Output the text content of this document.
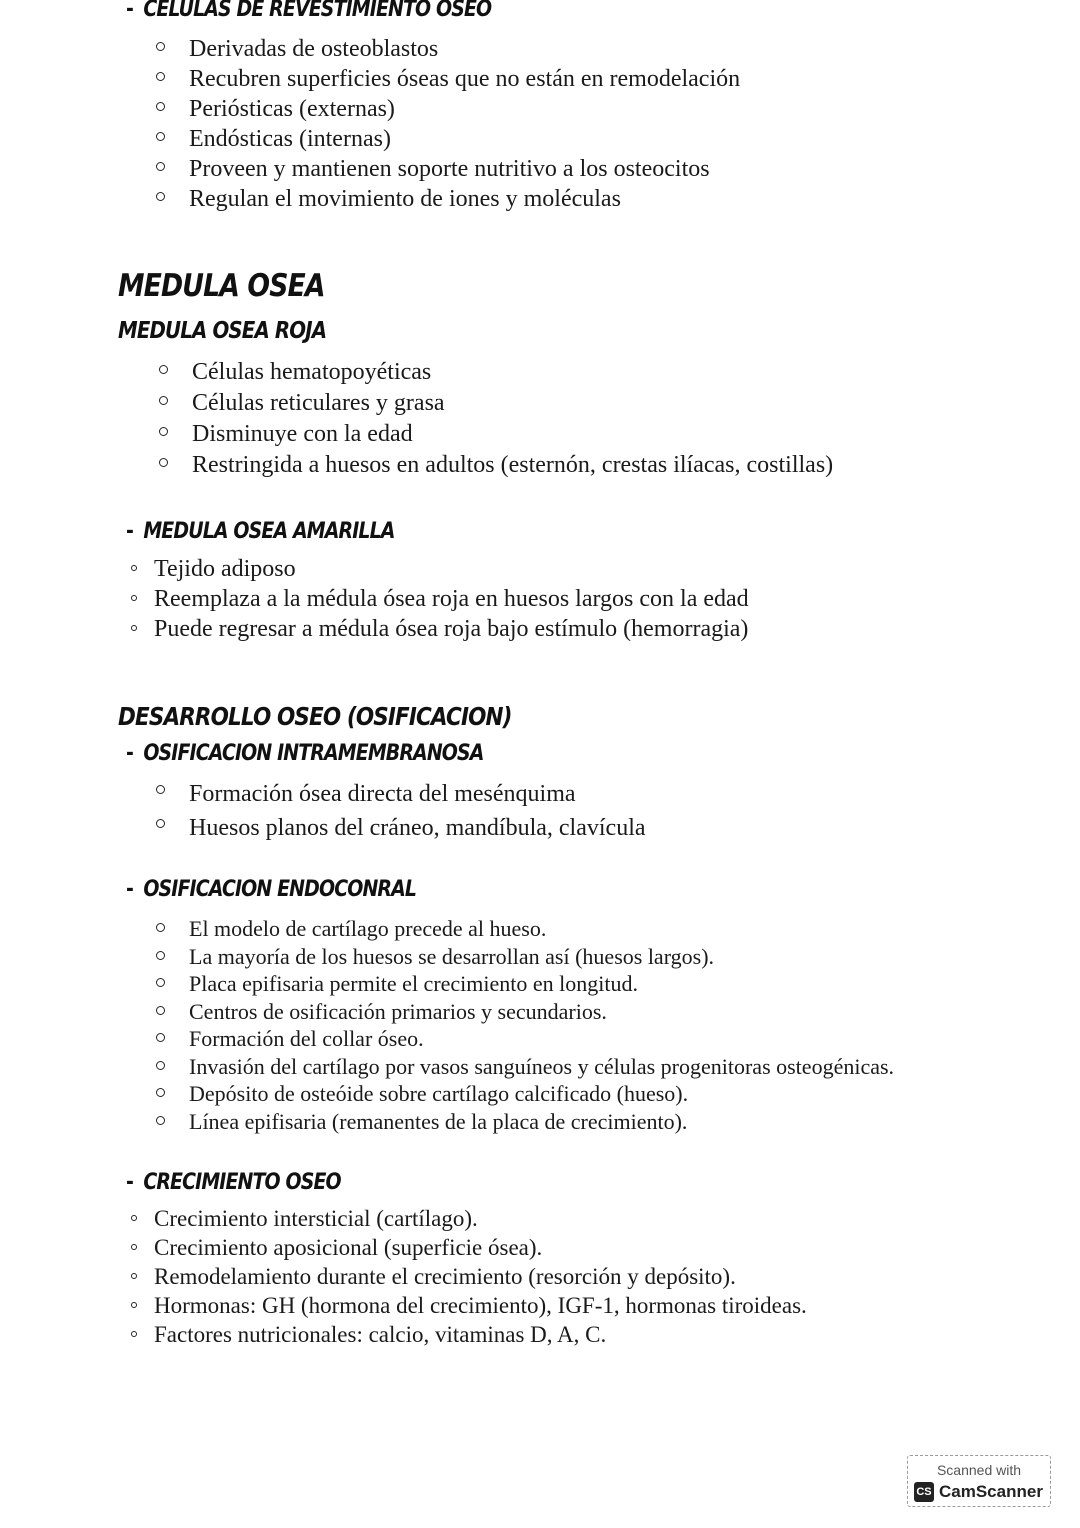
- CELULAS DE REVESTIMIENTO OSEO
Derivadas de osteoblastos
Recubren superficies óseas que no están en remodelación
Periósticas (externas)
Endósticas (internas)
Proveen y mantienen soporte nutritivo a los osteocitos
Regulan el movimiento de iones y moléculas
MEDULA OSEA
MEDULA OSEA ROJA
Células hematopoyéticas
Células reticulares y grasa
Disminuye con la edad
Restringida a huesos en adultos (esternón, crestas ilíacas, costillas)
- MEDULA OSEA AMARILLA
Tejido adiposo
Reemplaza a la médula ósea roja en huesos largos con la edad
Puede regresar a médula ósea roja bajo estímulo (hemorragia)
DESARROLLO OSEO (OSIFICACION)
- OSIFICACION INTRAMEMBRANOSA
Formación ósea directa del mesénquima
Huesos planos del cráneo, mandíbula, clavícula
- OSIFICACION ENDOCONRAL
El modelo de cartílago precede al hueso.
La mayoría de los huesos se desarrollan así (huesos largos).
Placa epifisaria permite el crecimiento en longitud.
Centros de osificación primarios y secundarios.
Formación del collar óseo.
Invasión del cartílago por vasos sanguíneos y células progenitoras osteogénicas.
Depósito de osteóide sobre cartílago calcificado (hueso).
Línea epifisaria (remanentes de la placa de crecimiento).
- CRECIMIENTO OSEO
Crecimiento intersticial (cartílago).
Crecimiento aposicional (superficie ósea).
Remodelamiento durante el crecimiento (resorción y depósito).
Hormonas: GH (hormona del crecimiento), IGF-1, hormonas tiroideas.
Factores nutricionales: calcio, vitaminas D, A, C.
Scanned with
CS CamScanner
